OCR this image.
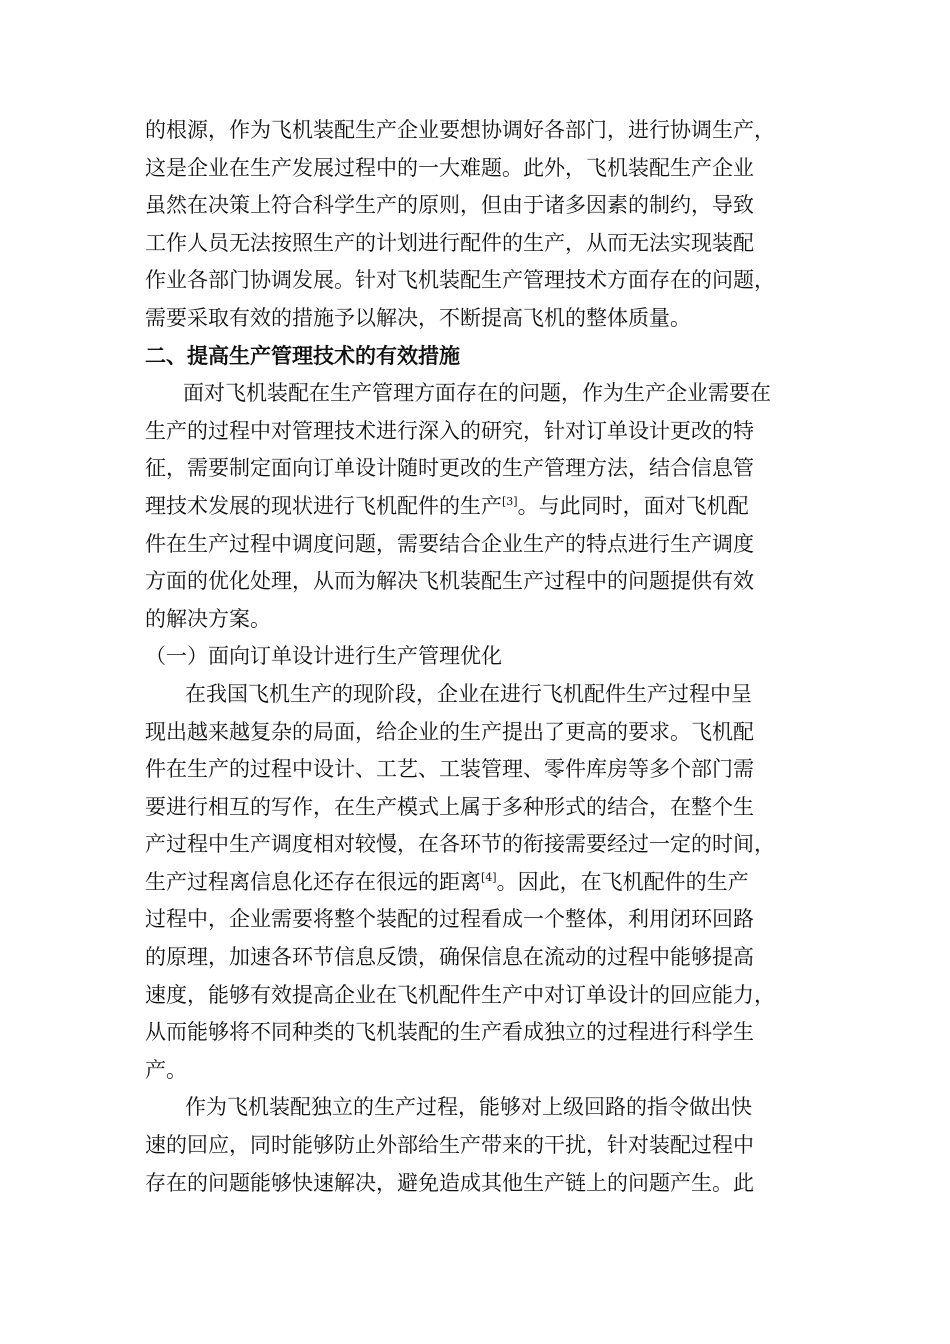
的根源，作为飞机装配生产企业要想协调好各部门，进行协调生产，
这是企业在生产发展过程中的一大难题。此外，飞机装配生产企业
虽然在决策上符合科学生产的原则，但由于诸多因素的制约，导致
工作人员无法按照生产的计划进行配件的生产，从而无法实现装配
作业各部门协调发展。针对飞机装配生产管理技术方面存在的问题，
需要采取有效的措施予以解决，不断提高飞机的整体质量。
二、提高生产管理技术的有效措施
面对飞机装配在生产管理方面存在的问题，作为生产企业需要在
生产的过程中对管理技术进行深入的研究，针对订单设计更改的特
征，需要制定面向订单设计随时更改的生产管理方法，结合信息管
理技术发展的现状进行飞机配件的生产[3]。与此同时，面对飞机配
件在生产过程中调度问题，需要结合企业生产的特点进行生产调度
方面的优化处理，从而为解决飞机装配生产过程中的问题提供有效
的解决方案。
（一）面向订单设计进行生产管理优化
在我国飞机生产的现阶段，企业在进行飞机配件生产过程中呈
现出越来越复杂的局面，给企业的生产提出了更高的要求。飞机配
件在生产的过程中设计、工艺、工装管理、零件库房等多个部门需
要进行相互的写作，在生产模式上属于多种形式的结合，在整个生
产过程中生产调度相对较慢，在各环节的衔接需要经过一定的时间，
生产过程离信息化还存在很远的距离[4]。因此，在飞机配件的生产
过程中，企业需要将整个装配的过程看成一个整体，利用闭环回路
的原理，加速各环节信息反馈，确保信息在流动的过程中能够提高
速度，能够有效提高企业在飞机配件生产中对订单设计的回应能力，
从而能够将不同种类的飞机装配的生产看成独立的过程进行科学生
产。
作为飞机装配独立的生产过程，能够对上级回路的指令做出快
速的回应，同时能够防止外部给生产带来的干扰，针对装配过程中
存在的问题能够快速解决，避免造成其他生产链上的问题产生。此
